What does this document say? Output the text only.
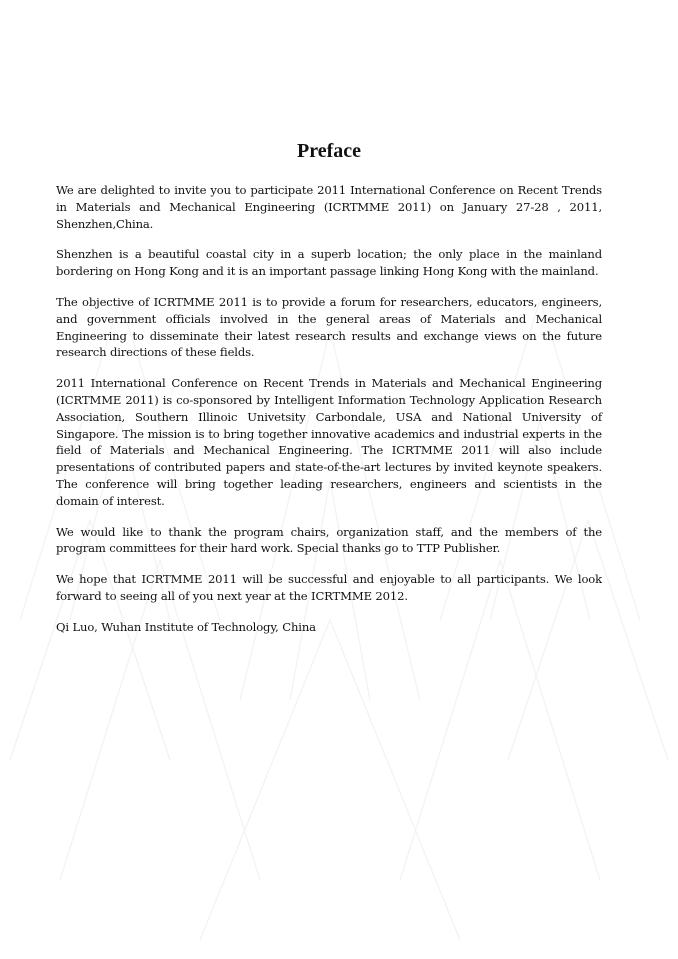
Preface

We are delighted to invite you to participate 2011 International Conference on Recent Trends in Materials and Mechanical Engineering (ICRTMME 2011) on January 27-28 , 2011, Shenzhen,China.

Shenzhen is a beautiful coastal city in a superb location; the only place in the mainland bordering on Hong Kong and it is an important passage linking Hong Kong with the mainland.

The objective of ICRTMME 2011 is to provide a forum for researchers, educators, engineers, and government officials involved in the general areas of Materials and Mechanical Engineering to disseminate their latest research results and exchange views on the future research directions of these fields.

2011 International Conference on Recent Trends in Materials and Mechanical Engineering (ICRTMME 2011) is co-sponsored by Intelligent Information Technology Application Research Association, Southern Illinoic Univetsity Carbondale, USA and National University of Singapore. The mission is to bring together innovative academics and industrial experts in the field of Materials and Mechanical Engineering. The ICRTMME 2011 will also include presentations of contributed papers and state-of-the-art lectures by invited keynote speakers. The conference will bring together leading researchers, engineers and scientists in the domain of interest.

We would like to thank the program chairs, organization staff, and the members of the program committees for their hard work. Special thanks go to TTP Publisher.

We hope that ICRTMME 2011 will be successful and enjoyable to all participants. We look forward to seeing all of you next year at the ICRTMME 2012.

Qi Luo, Wuhan Institute of Technology, China
